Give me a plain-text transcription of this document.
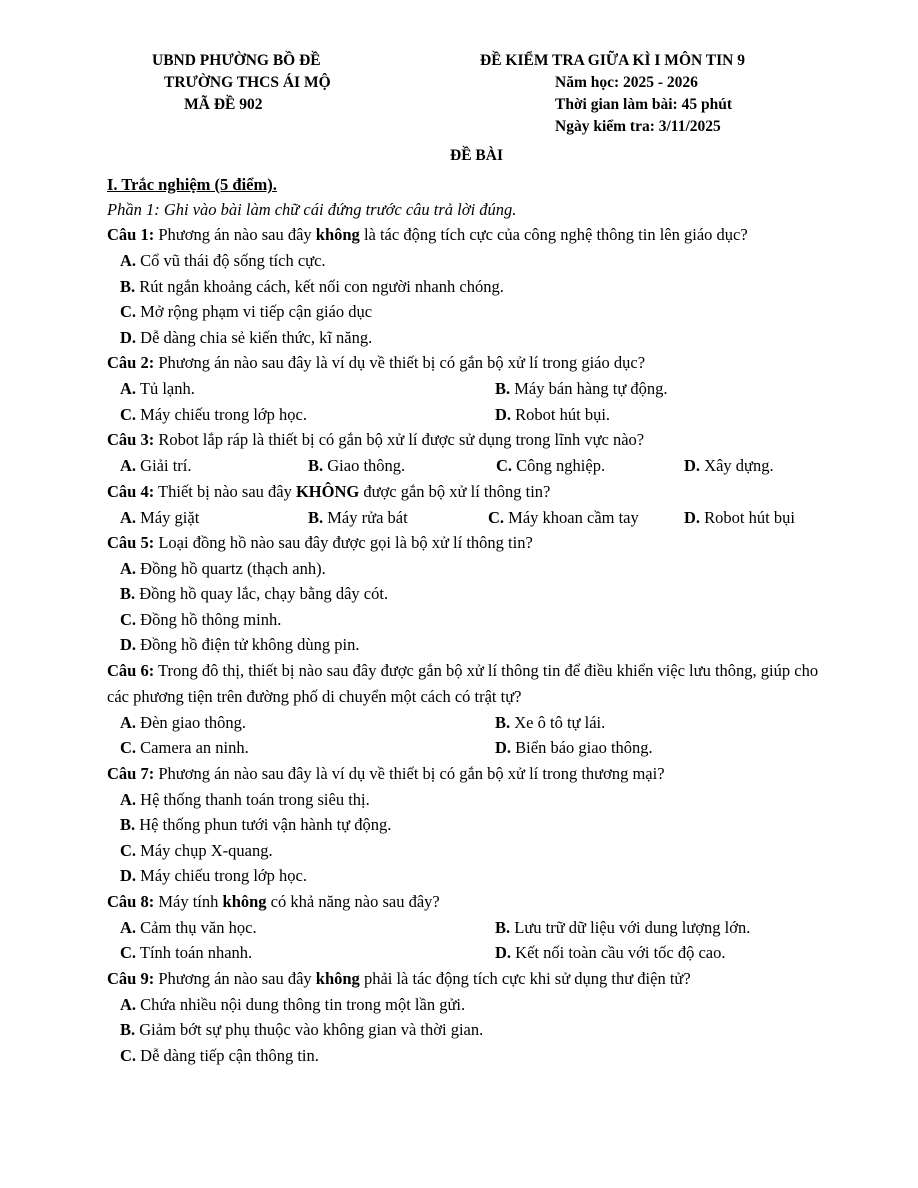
UBND PHƯỜNG BỒ ĐỀ
TRƯỜNG THCS ÁI MỘ
MÃ ĐỀ 902
ĐỀ KIỂM TRA GIỮA KÌ I MÔN TIN 9
Năm học: 2025 - 2026
Thời gian làm bài: 45 phút
Ngày kiểm tra: 3/11/2025
ĐỀ BÀI
I. Trắc nghiệm (5 điểm).
Phần 1: Ghi vào bài làm chữ cái đứng trước câu trả lời đúng.
Câu 1: Phương án nào sau đây không là tác động tích cực của công nghệ thông tin lên giáo dục?
A. Cổ vũ thái độ sống tích cực.
B. Rút ngắn khoảng cách, kết nối con người nhanh chóng.
C. Mở rộng phạm vi tiếp cận giáo dục
D. Dễ dàng chia sẻ kiến thức, kĩ năng.
Câu 2: Phương án nào sau đây là ví dụ về thiết bị có gắn bộ xử lí trong giáo dục?
A. Tủ lạnh.	B. Máy bán hàng tự động.
C. Máy chiếu trong lớp học.	D. Robot hút bụi.
Câu 3: Robot lắp ráp là thiết bị có gắn bộ xử lí được sử dụng trong lĩnh vực nào?
A. Giải trí.	B. Giao thông.	C. Công nghiệp.	D. Xây dựng.
Câu 4: Thiết bị nào sau đây KHÔNG được gắn bộ xử lí thông tin?
A. Máy giặt	B. Máy rửa bát	C. Máy khoan cầm tay	D. Robot hút bụi
Câu 5: Loại đồng hồ nào sau đây được gọi là bộ xử lí thông tin?
A. Đồng hồ quartz (thạch anh).
B. Đồng hồ quay lắc, chạy bằng dây cót.
C. Đồng hồ thông minh.
D. Đồng hồ điện tử không dùng pin.
Câu 6: Trong đô thị, thiết bị nào sau đây được gắn bộ xử lí thông tin để điều khiển việc lưu thông, giúp cho các phương tiện trên đường phố di chuyển một cách có trật tự?
A. Đèn giao thông.	B. Xe ô tô tự lái.
C. Camera an ninh.	D. Biển báo giao thông.
Câu 7: Phương án nào sau đây là ví dụ về thiết bị có gắn bộ xử lí trong thương mại?
A. Hệ thống thanh toán trong siêu thị.
B. Hệ thống phun tưới vận hành tự động.
C. Máy chụp X-quang.
D. Máy chiếu trong lớp học.
Câu 8: Máy tính không có khả năng nào sau đây?
A. Cảm thụ văn học.	B. Lưu trữ dữ liệu với dung lượng lớn.
C. Tính toán nhanh.	D. Kết nối toàn cầu với tốc độ cao.
Câu 9: Phương án nào sau đây không phải là tác động tích cực khi sử dụng thư điện tử?
A. Chứa nhiều nội dung thông tin trong một lần gửi.
B. Giảm bớt sự phụ thuộc vào không gian và thời gian.
C. Dễ dàng tiếp cận thông tin.
